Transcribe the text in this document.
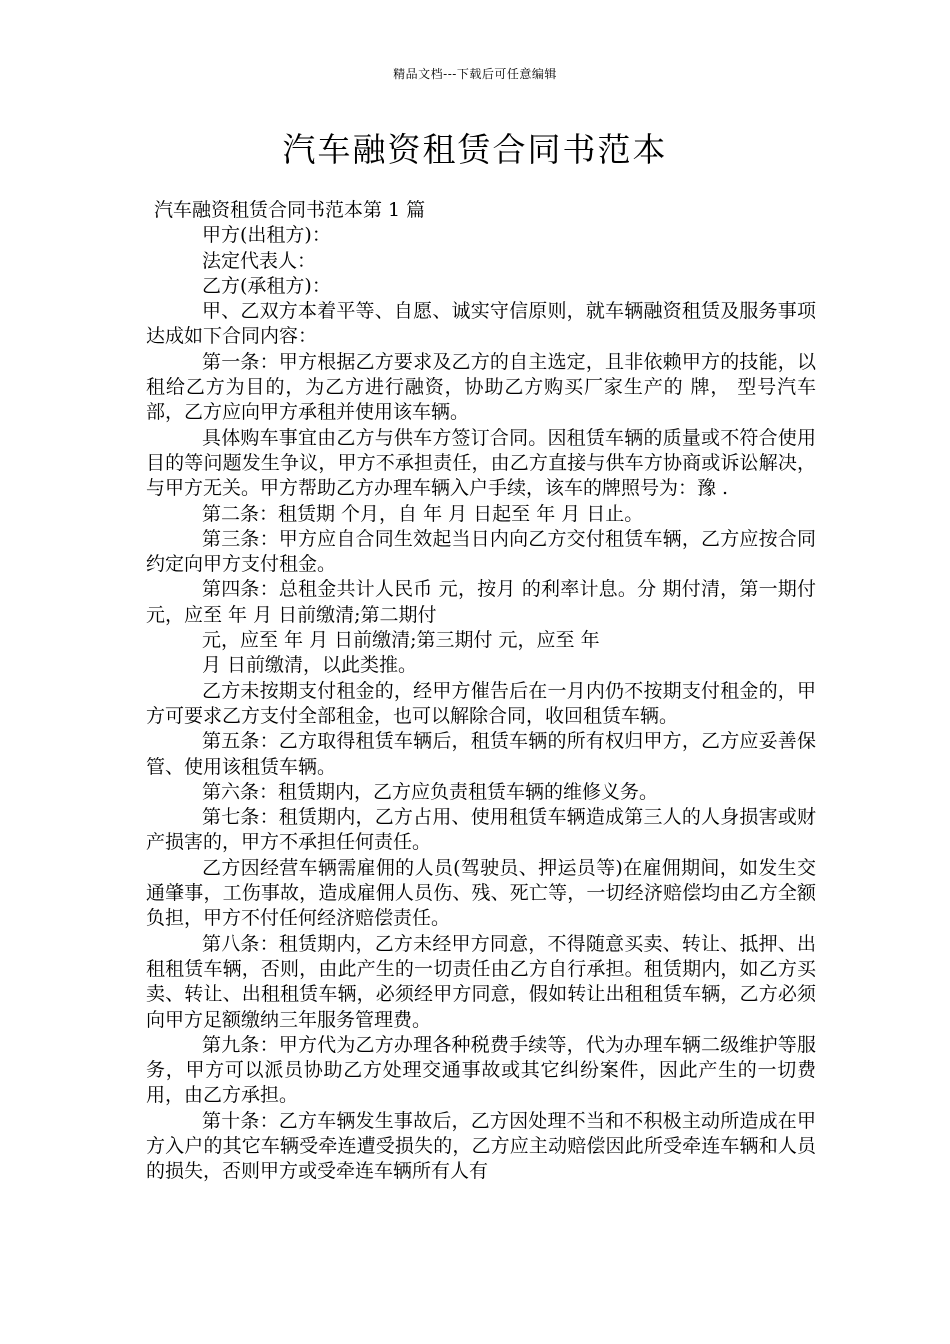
精品文档---下载后可任意编辑
汽车融资租赁合同书范本

汽车融资租赁合同书范本第 1 篇

甲方(出租方)：

法定代表人：

乙方(承租方)：

甲、乙双方本着平等、自愿、诚实守信原则，就车辆融资租赁及服务事项达成如下合同内容：

第一条：甲方根据乙方要求及乙方的自主选定，且非依赖甲方的技能，以租给乙方为目的，为乙方进行融资，协助乙方购买厂家生产的 牌， 型号汽车 部，乙方应向甲方承租并使用该车辆。

具体购车事宜由乙方与供车方签订合同。因租赁车辆的质量或不符合使用目的等问题发生争议，甲方不承担责任，由乙方直接与供车方协商或诉讼解决，与甲方无关。甲方帮助乙方办理车辆入户手续，该车的牌照号为：豫 .

第二条：租赁期 个月，自 年 月 日起至 年 月 日止。

第三条：甲方应自合同生效起当日内向乙方交付租赁车辆，乙方应按合同约定向甲方支付租金。

第四条：总租金共计人民币 元，按月 的利率计息。分 期付清，第一期付 元，应至 年 月 日前缴清;第二期付

元，应至 年 月 日前缴清;第三期付 元，应至 年

月 日前缴清，以此类推。

乙方未按期支付租金的，经甲方催告后在一月内仍不按期支付租金的，甲方可要求乙方支付全部租金，也可以解除合同，收回租赁车辆。

第五条：乙方取得租赁车辆后，租赁车辆的所有权归甲方，乙方应妥善保管、使用该租赁车辆。

第六条：租赁期内，乙方应负责租赁车辆的维修义务。

第七条：租赁期内，乙方占用、使用租赁车辆造成第三人的人身损害或财产损害的，甲方不承担任何责任。

乙方因经营车辆需雇佣的人员(驾驶员、押运员等)在雇佣期间，如发生交通肇事，工伤事故，造成雇佣人员伤、残、死亡等，一切经济赔偿均由乙方全额负担，甲方不付任何经济赔偿责任。

第八条：租赁期内，乙方未经甲方同意，不得随意买卖、转让、抵押、出租租赁车辆，否则，由此产生的一切责任由乙方自行承担。租赁期内，如乙方买卖、转让、出租租赁车辆，必须经甲方同意，假如转让出租租赁车辆，乙方必须向甲方足额缴纳三年服务管理费。

第九条：甲方代为乙方办理各种税费手续等，代为办理车辆二级维护等服务，甲方可以派员协助乙方处理交通事故或其它纠纷案件，因此产生的一切费用，由乙方承担。

第十条：乙方车辆发生事故后，乙方因处理不当和不积极主动所造成在甲方入户的其它车辆受牵连遭受损失的，乙方应主动赔偿因此所受牵连车辆和人员的损失，否则甲方或受牵连车辆所有人有
